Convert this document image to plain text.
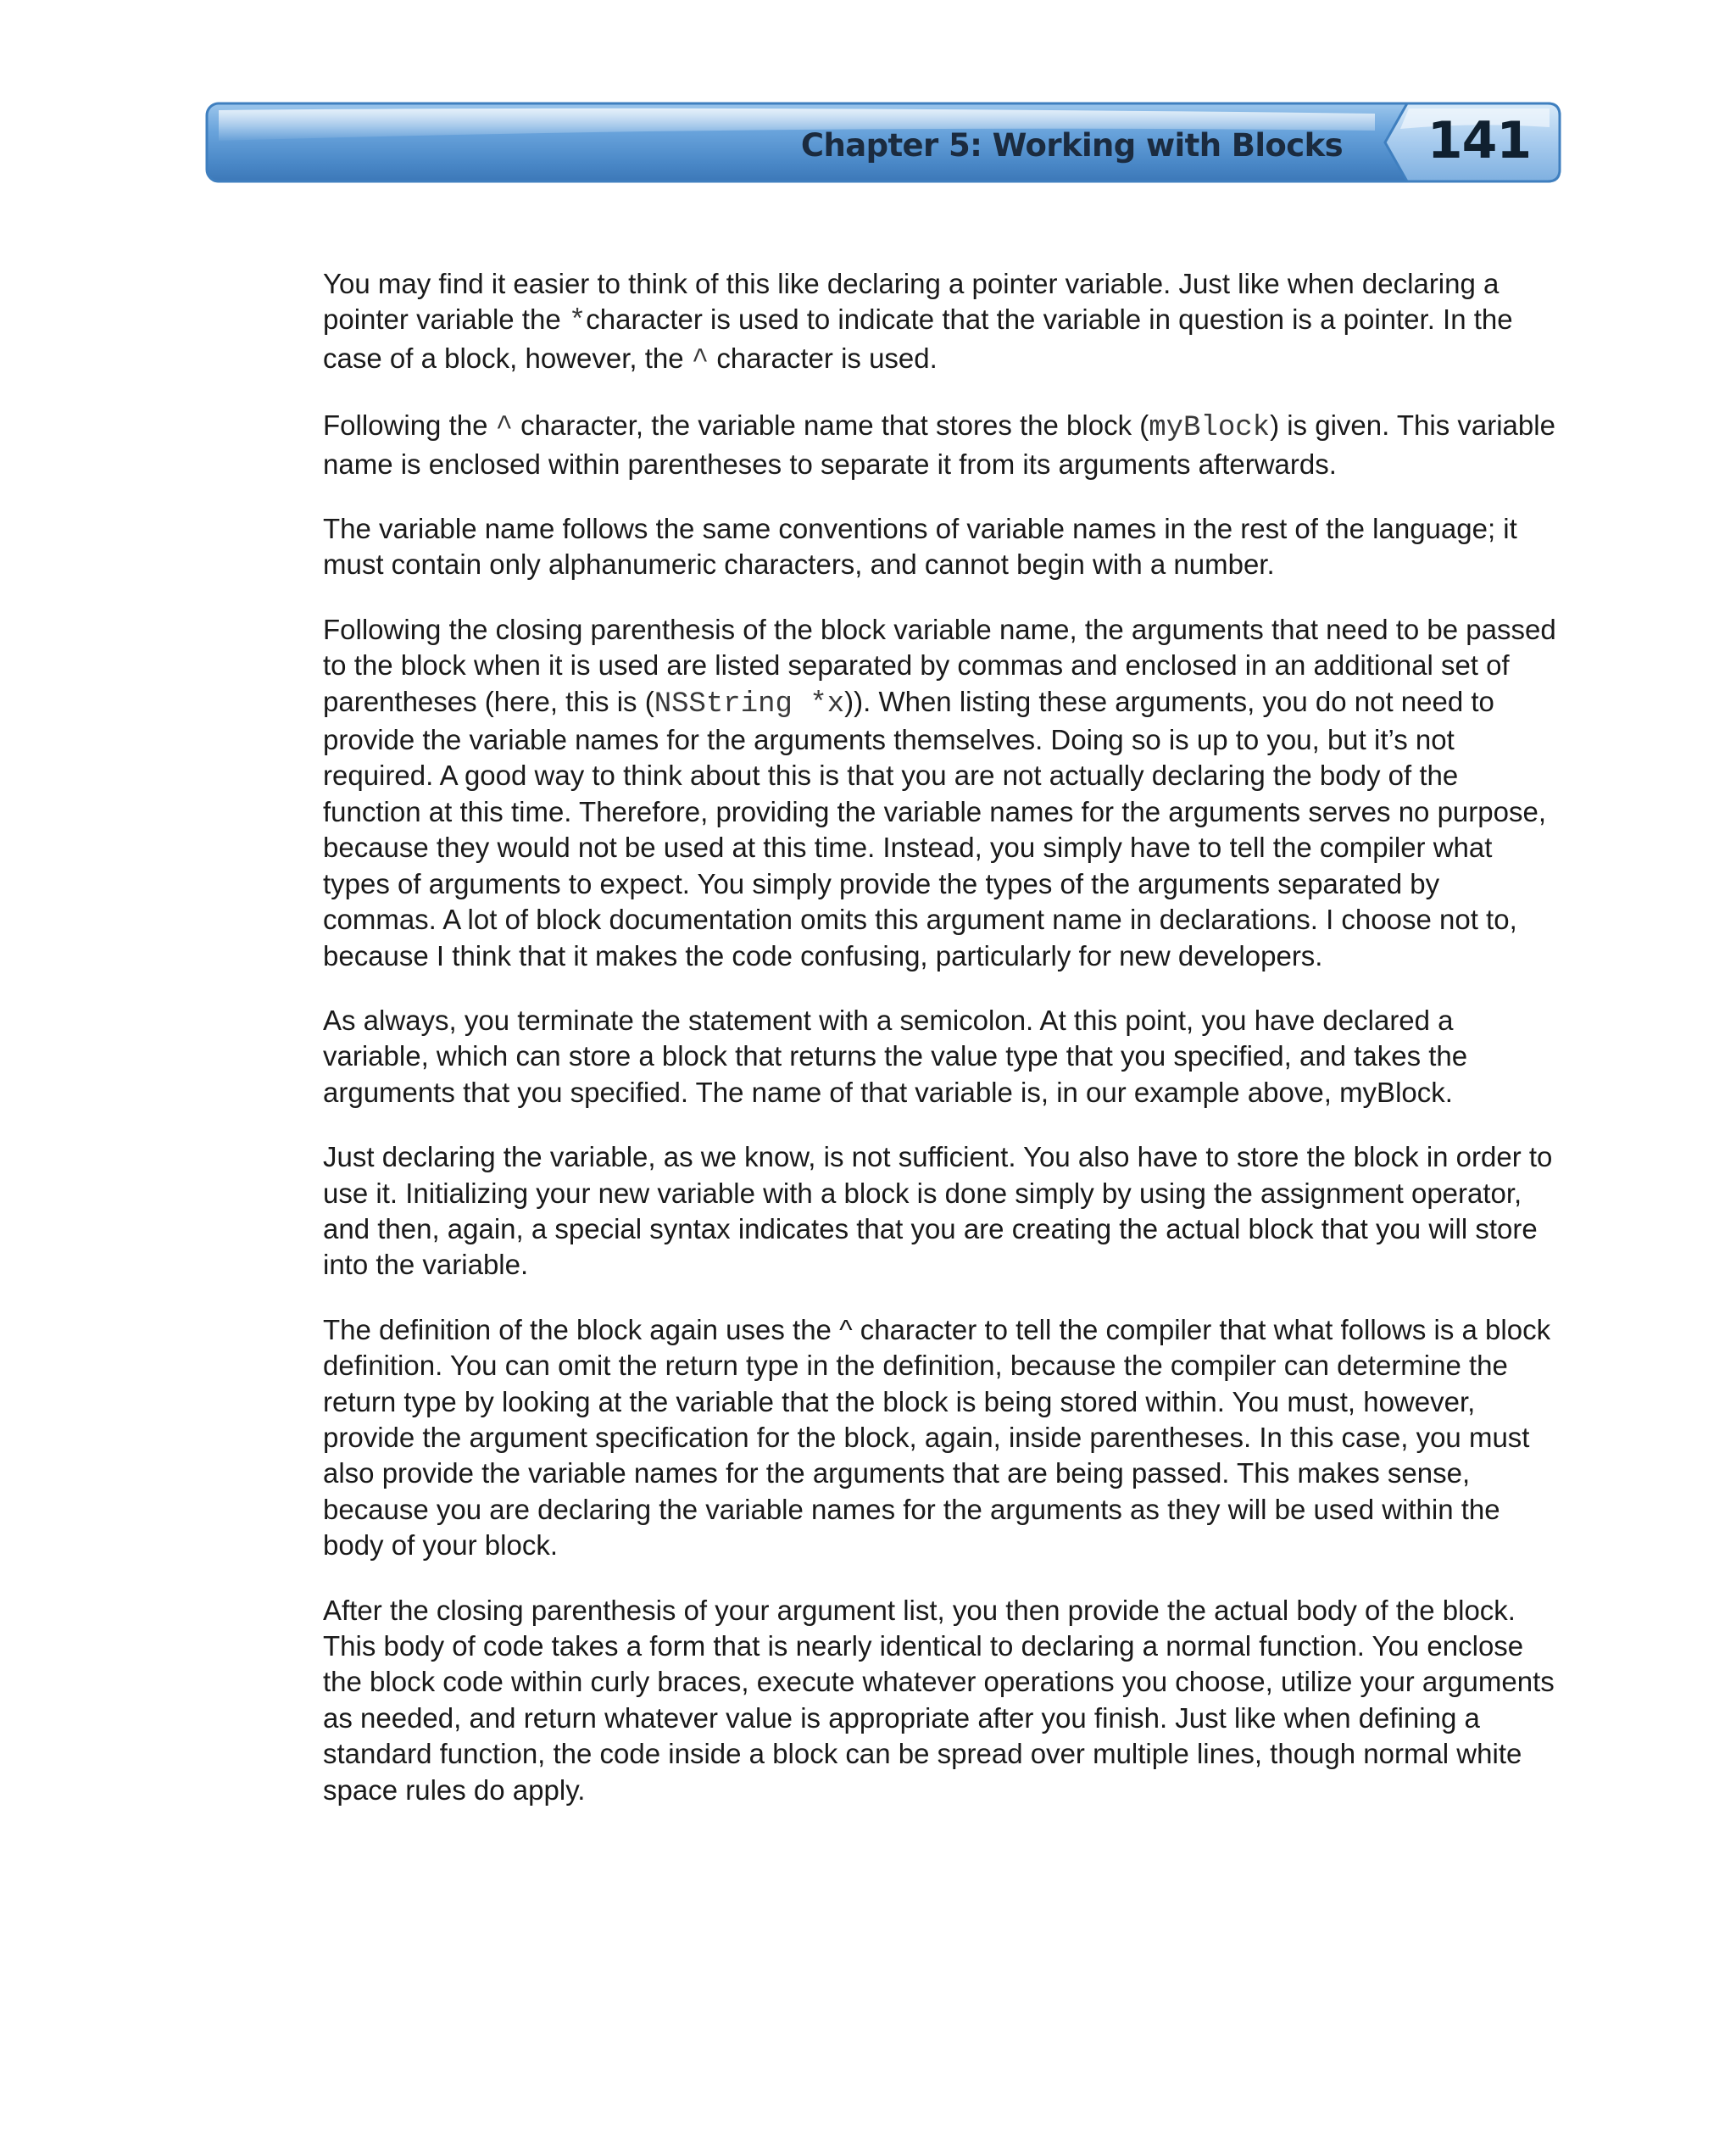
Chapter 5: Working with Blocks	141

You may find it easier to think of this like declaring a pointer variable. Just like when declaring a pointer variable the *character is used to indicate that the variable in question is a pointer. In the case of a block, however, the ^ character is used.

Following the ^ character, the variable name that stores the block (myBlock) is given. This variable name is enclosed within parentheses to separate it from its arguments afterwards.

The variable name follows the same conventions of variable names in the rest of the language; it must contain only alphanumeric characters, and cannot begin with a number.

Following the closing parenthesis of the block variable name, the arguments that need to be passed to the block when it is used are listed separated by commas and enclosed in an additional set of parentheses (here, this is (NSString *x)). When listing these arguments, you do not need to provide the variable names for the arguments themselves. Doing so is up to you, but it’s not required. A good way to think about this is that you are not actually declaring the body of the function at this time. Therefore, providing the variable names for the arguments serves no purpose, because they would not be used at this time. Instead, you simply have to tell the compiler what types of arguments to expect. You simply provide the types of the arguments separated by commas. A lot of block documentation omits this argument name in declarations. I choose not to, because I think that it makes the code confusing, particularly for new developers.

As always, you terminate the statement with a semicolon. At this point, you have declared a variable, which can store a block that returns the value type that you specified, and takes the arguments that you specified. The name of that variable is, in our example above, myBlock.

Just declaring the variable, as we know, is not sufficient. You also have to store the block in order to use it. Initializing your new variable with a block is done simply by using the assignment operator, and then, again, a special syntax indicates that you are creating the actual block that you will store into the variable.

The definition of the block again uses the ^ character to tell the compiler that what follows is a block definition. You can omit the return type in the definition, because the compiler can determine the return type by looking at the variable that the block is being stored within. You must, however, provide the argument specification for the block, again, inside parentheses. In this case, you must also provide the variable names for the arguments that are being passed. This makes sense, because you are declaring the variable names for the arguments as they will be used within the body of your block.

After the closing parenthesis of your argument list, you then provide the actual body of the block. This body of code takes a form that is nearly identical to declaring a normal function. You enclose the block code within curly braces, execute whatever operations you choose, utilize your arguments as needed, and return whatever value is appropriate after you finish. Just like when defining a standard function, the code inside a block can be spread over multiple lines, though normal white space rules do apply.
